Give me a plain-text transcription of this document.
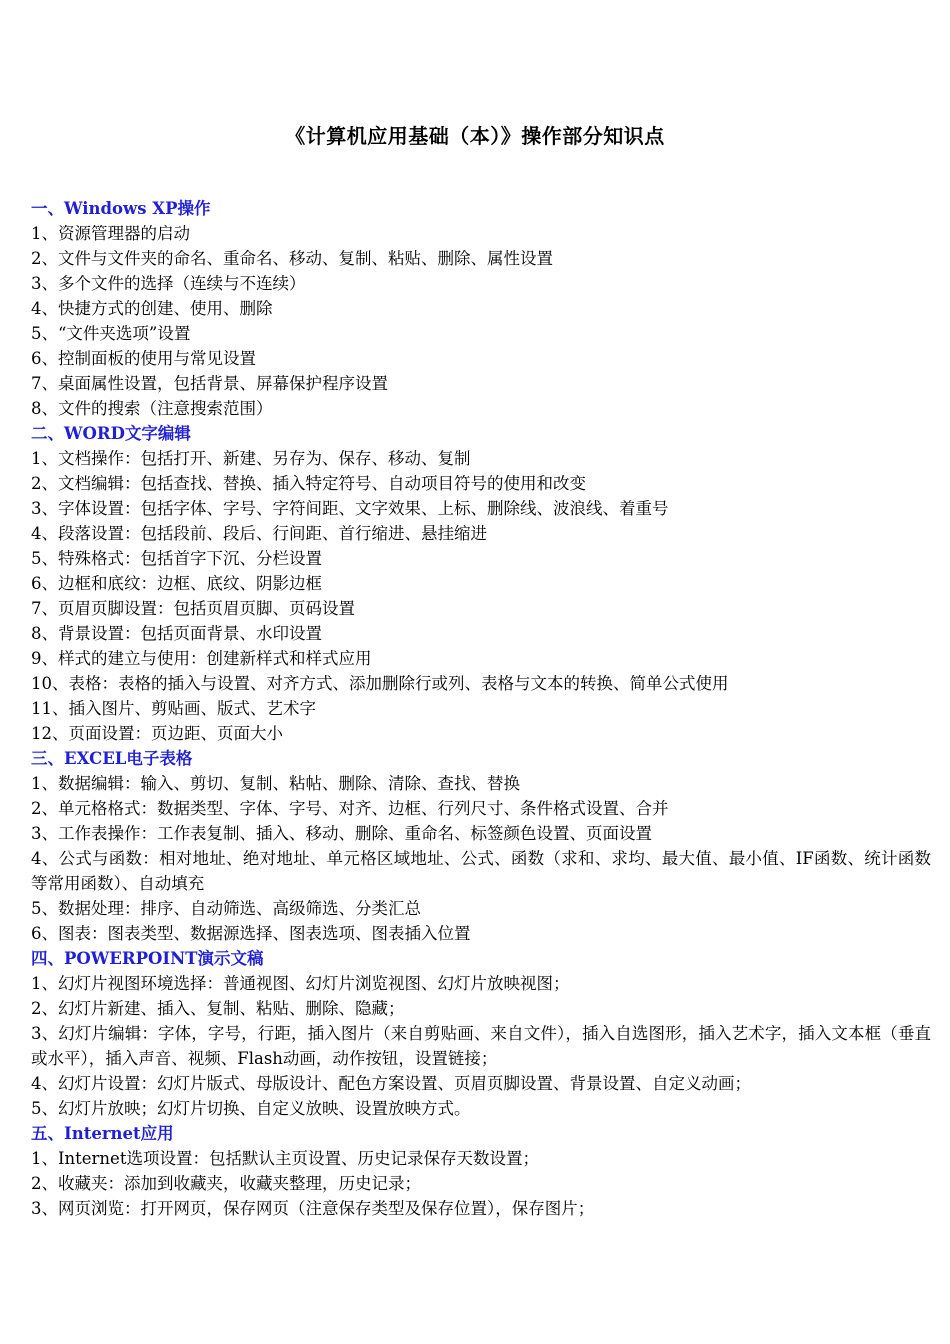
《计算机应用基础（本）》操作部分知识点
一、Windows XP操作
1、资源管理器的启动
2、文件与文件夹的命名、重命名、移动、复制、粘贴、删除、属性设置
3、多个文件的选择（连续与不连续）
4、快捷方式的创建、使用、删除
5、“文件夹选项”设置
6、控制面板的使用与常见设置
7、桌面属性设置，包括背景、屏幕保护程序设置
8、文件的搜索（注意搜索范围）
二、WORD文字编辑
1、文档操作：包括打开、新建、另存为、保存、移动、复制
2、文档编辑：包括查找、替换、插入特定符号、自动项目符号的使用和改变
3、字体设置：包括字体、字号、字符间距、文字效果、上标、删除线、波浪线、着重号
4、段落设置：包括段前、段后、行间距、首行缩进、悬挂缩进
5、特殊格式：包括首字下沉、分栏设置
6、边框和底纹：边框、底纹、阴影边框
7、页眉页脚设置：包括页眉页脚、页码设置
8、背景设置：包括页面背景、水印设置
9、样式的建立与使用：创建新样式和样式应用
10、表格：表格的插入与设置、对齐方式、添加删除行或列、表格与文本的转换、简单公式使用
11、插入图片、剪贴画、版式、艺术字
12、页面设置：页边距、页面大小
三、EXCEL电子表格
1、数据编辑：输入、剪切、复制、粘帖、删除、清除、查找、替换
2、单元格格式：数据类型、字体、字号、对齐、边框、行列尺寸、条件格式设置、合并
3、工作表操作：工作表复制、插入、移动、删除、重命名、标签颜色设置、页面设置
4、公式与函数：相对地址、绝对地址、单元格区域地址、公式、函数（求和、求均、最大值、最小值、IF函数、统计函数等常用函数）、自动填充
5、数据处理：排序、自动筛选、高级筛选、分类汇总
6、图表：图表类型、数据源选择、图表选项、图表插入位置
四、POWERPOINT演示文稿
1、幻灯片视图环境选择：普通视图、幻灯片浏览视图、幻灯片放映视图；
2、幻灯片新建、插入、复制、粘贴、删除、隐藏；
3、幻灯片编辑：字体，字号，行距，插入图片（来自剪贴画、来自文件），插入自选图形，插入艺术字，插入文本框（垂直或水平），插入声音、视频、Flash动画，动作按钮，设置链接；
4、幻灯片设置：幻灯片版式、母版设计、配色方案设置、页眉页脚设置、背景设置、自定义动画；
5、幻灯片放映；幻灯片切换、自定义放映、设置放映方式。
五、Internet应用
1、Internet选项设置：包括默认主页设置、历史记录保存天数设置；
2、收藏夹：添加到收藏夹，收藏夹整理，历史记录；
3、网页浏览：打开网页，保存网页（注意保存类型及保存位置），保存图片；
